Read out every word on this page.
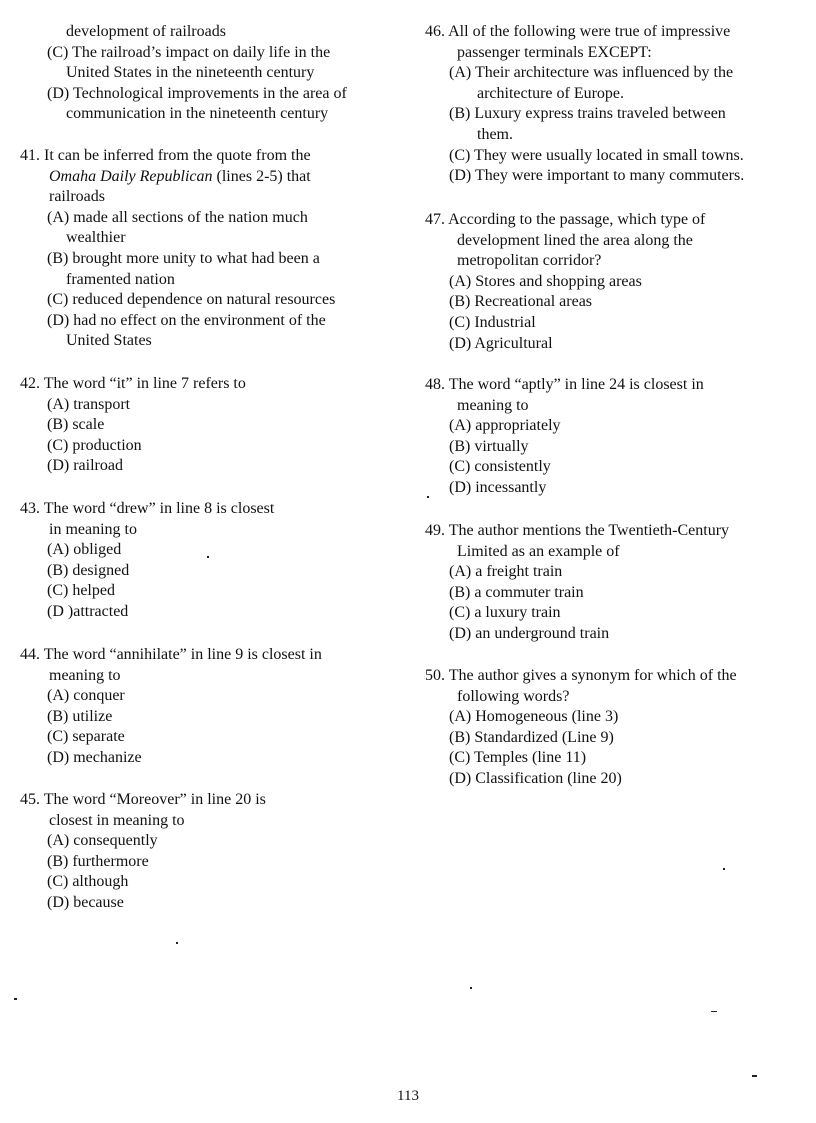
development of railroads
(C) The railroad’s impact on daily life in the
United States in the nineteenth century
(D) Technological improvements in the area of
communication in the nineteenth century
41. It can be inferred from the quote from the
Omaha Daily Republican (lines 2-5) that
railroads
(A) made all sections of the nation much
wealthier
(B) brought more unity to what had been a
framented nation
(C) reduced dependence on natural resources
(D) had no effect on the environment of the
United States
42. The word “it” in line 7 refers to
(A) transport
(B) scale
(C) production
(D) railroad
43. The word “drew” in line 8 is closest
in meaning to
(A) obliged
(B) designed
(C) helped
(D )attracted
44. The word “annihilate” in line 9 is closest in
meaning to
(A) conquer
(B) utilize
(C) separate
(D) mechanize
45. The word “Moreover” in line 20 is
closest in meaning to
(A) consequently
(B) furthermore
(C) although
(D) because
46. All of the following were true of impressive
passenger terminals EXCEPT:
(A) Their architecture was influenced by the
architecture of Europe.
(B) Luxury express trains traveled between
them.
(C) They were usually located in small towns.
(D) They were important to many commuters.
47. According to the passage, which type of
development lined the area along the
metropolitan corridor?
(A) Stores and shopping areas
(B) Recreational areas
(C) Industrial
(D) Agricultural
48. The word “aptly” in line 24 is closest in
meaning to
(A) appropriately
(B) virtually
(C) consistently
(D) incessantly
49. The author mentions the Twentieth-Century
Limited as an example of
(A) a freight train
(B) a commuter train
(C) a luxury train
(D) an underground train
50. The author gives a synonym for which of the
following words?
(A) Homogeneous (line 3)
(B) Standardized (Line 9)
(C) Temples (line 11)
(D) Classification (line 20)
113
